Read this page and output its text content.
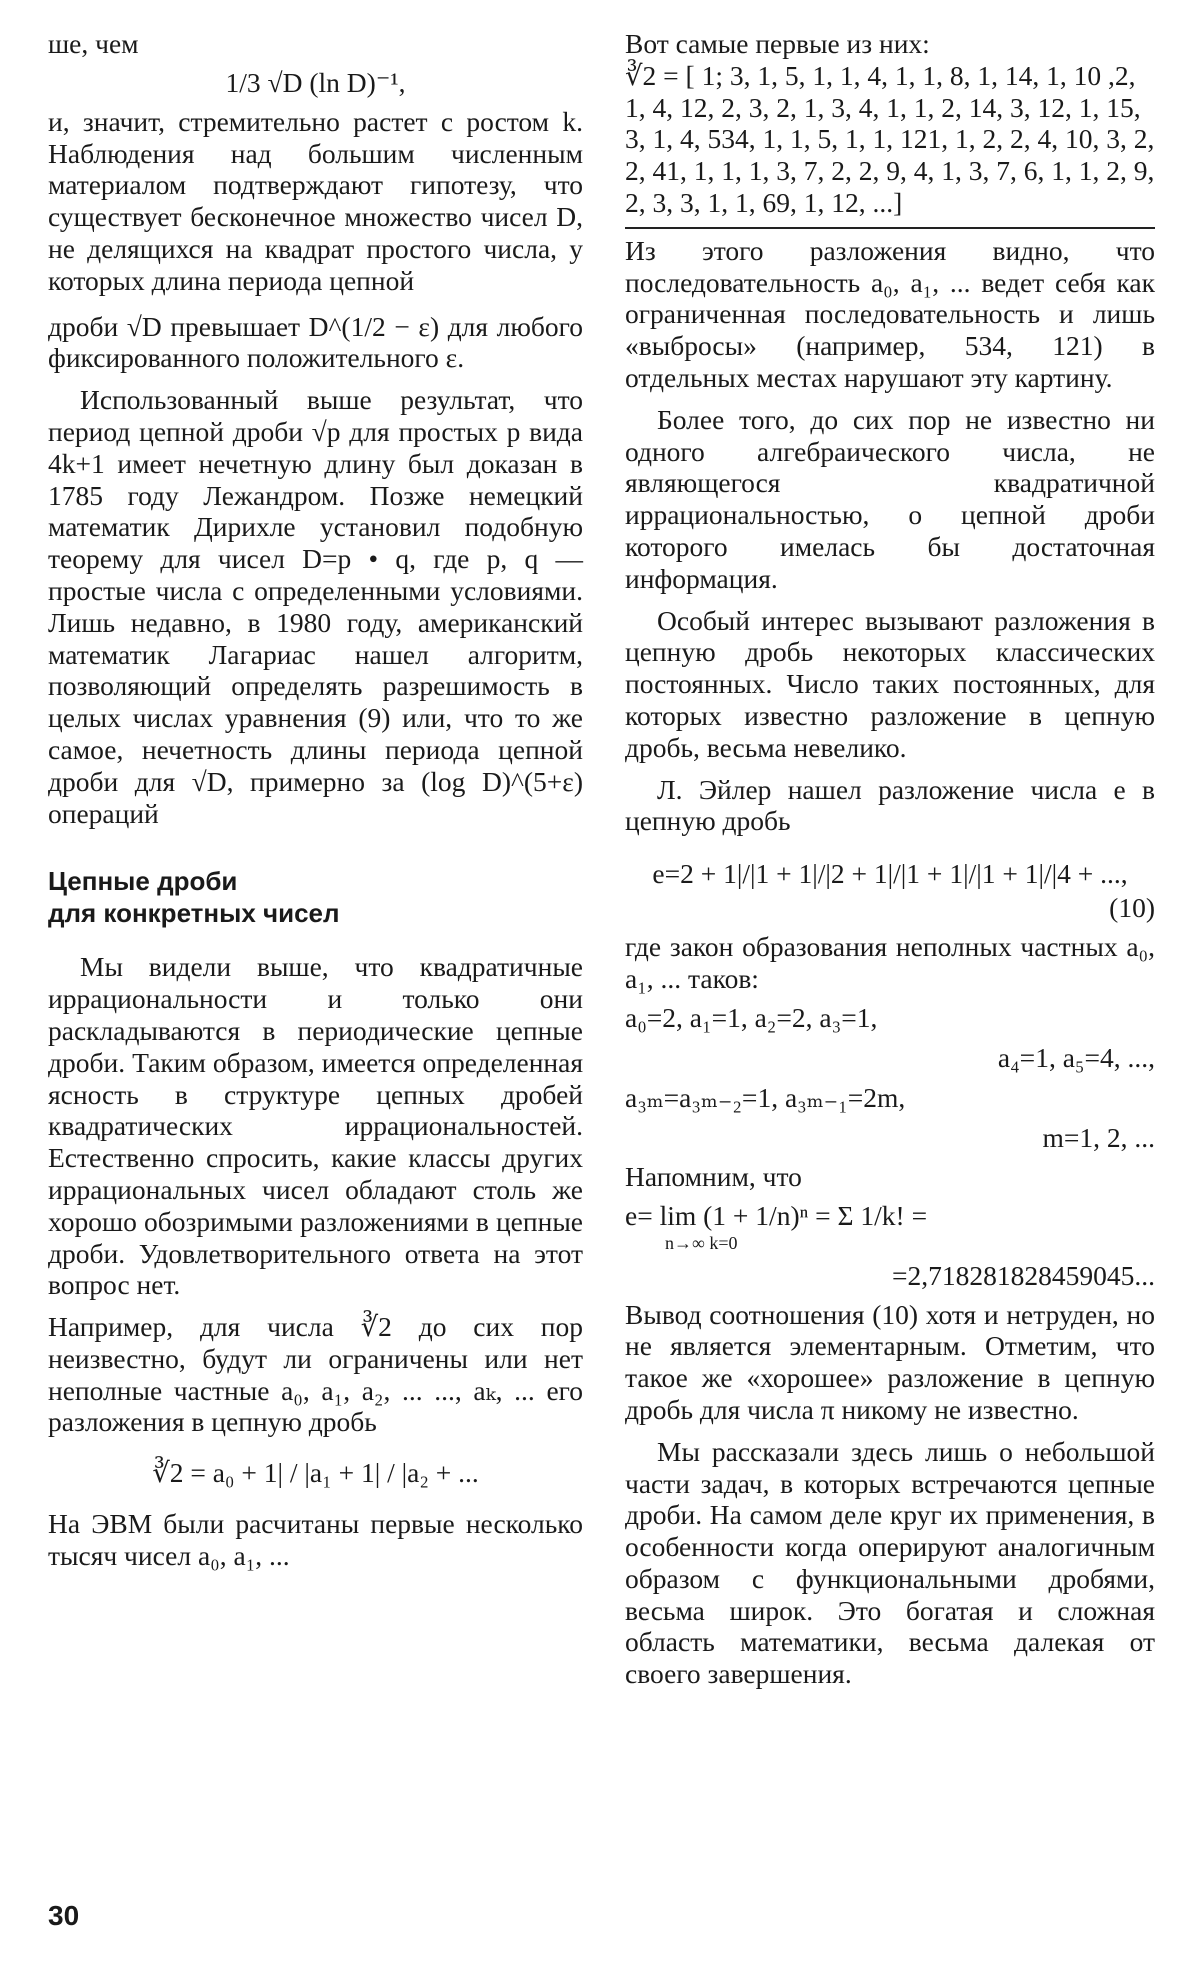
ше, чем

1/3 √D (ln D)⁻¹,

и, значит, стремительно растет с ростом k. Наблюдения над большим численным материалом подтверждают гипотезу, что существует бесконечное множество чисел D, не делящихся на квадрат простого числа, у которых длина периода цепной

дроби √D превышает D^(1/2 − ε) для любого фиксированного положительного ε.

Использованный выше результат, что период цепной дроби √p для простых p вида 4k+1 имеет нечетную длину был доказан в 1785 году Лежандром. Позже немецкий математик Дирихле установил подобную теорему для чисел D=p • q, где p, q — простые числа с определенными условиями. Лишь недавно, в 1980 году, американский математик Лагариас нашел алгоритм, позволяющий определять разрешимость в целых числах уравнения (9) или, что то же самое, нечетность длины периода цепной дроби для √D, примерно за (log D)^(5+ε) операций

Цепные дроби
для конкретных чисел

Мы видели выше, что квадратичные иррациональности и только они раскладываются в периодические цепные дроби. Таким образом, имеется определенная ясность в структуре цепных дробей квадратических иррациональностей. Естественно спросить, какие классы других иррациональных чисел обладают столь же хорошо обозримыми разложениями в цепные дроби. Удовлетворительного ответа на этот вопрос нет.

Например, для числа ∛2 до сих пор неизвестно, будут ли ограничены или нет неполные частные a₀, a₁, a₂, ... ..., aₖ, ... его разложения в цепную дробь

∛2 = a₀ + 1| / |a₁ + 1| / |a₂ + ...

На ЭВМ были расчитаны первые несколько тысяч чисел a₀, a₁, ...

Вот самые первые из них:

∛2 = [ 1; 3, 1, 5, 1, 1, 4, 1, 1, 8, 1, 14, 1, 10 ,2, 1, 4, 12, 2, 3, 2, 1, 3, 4, 1, 1, 2, 14, 3, 12, 1, 15, 3, 1, 4, 534, 1, 1, 5, 1, 1, 121, 1, 2, 2, 4, 10, 3, 2, 2, 41, 1, 1, 1, 3, 7, 2, 2, 9, 4, 1, 3, 7, 6, 1, 1, 2, 9, 2, 3, 3, 1, 1, 69, 1, 12, ...]

Из этого разложения видно, что последовательность a₀, a₁, ... ведет себя как ограниченная последовательность и лишь «выбросы» (например, 534, 121) в отдельных местах нарушают эту картину.

Более того, до сих пор не известно ни одного алгебраического числа, не являющегося квадратичной иррациональностью, о цепной дроби которого имелась бы достаточная информация.

Особый интерес вызывают разложения в цепную дробь некоторых классических постоянных. Число таких постоянных, для которых известно разложение в цепную дробь, весьма невелико.

Л. Эйлер нашел разложение числа e в цепную дробь

e=2 + 1|/|1 + 1|/|2 + 1|/|1 + 1|/|1 + 1|/|4 + ...,
(10)

где закон образования неполных частных a₀, a₁, ... таков:

a₀=2, a₁=1, a₂=2, a₃=1,
a₄=1, a₅=4, ...,
a₃ₘ=a₃ₘ₋₂=1, a₃ₘ₋₁=2m,
m=1, 2, ...

Напомним, что

e= lim (1 + 1/n)ⁿ = Σ 1/k! =
n→∞ k=0
=2,718281828459045...

Вывод соотношения (10) хотя и нетруден, но не является элементарным. Отметим, что такое же «хорошее» разложение в цепную дробь для числа π никому не известно.

Мы рассказали здесь лишь о небольшой части задач, в которых встречаются цепные дроби. На самом деле круг их применения, в особенности когда оперируют аналогичным образом с функциональными дробями, весьма широк. Это богатая и сложная область математики, весьма далекая от своего завершения.

30
